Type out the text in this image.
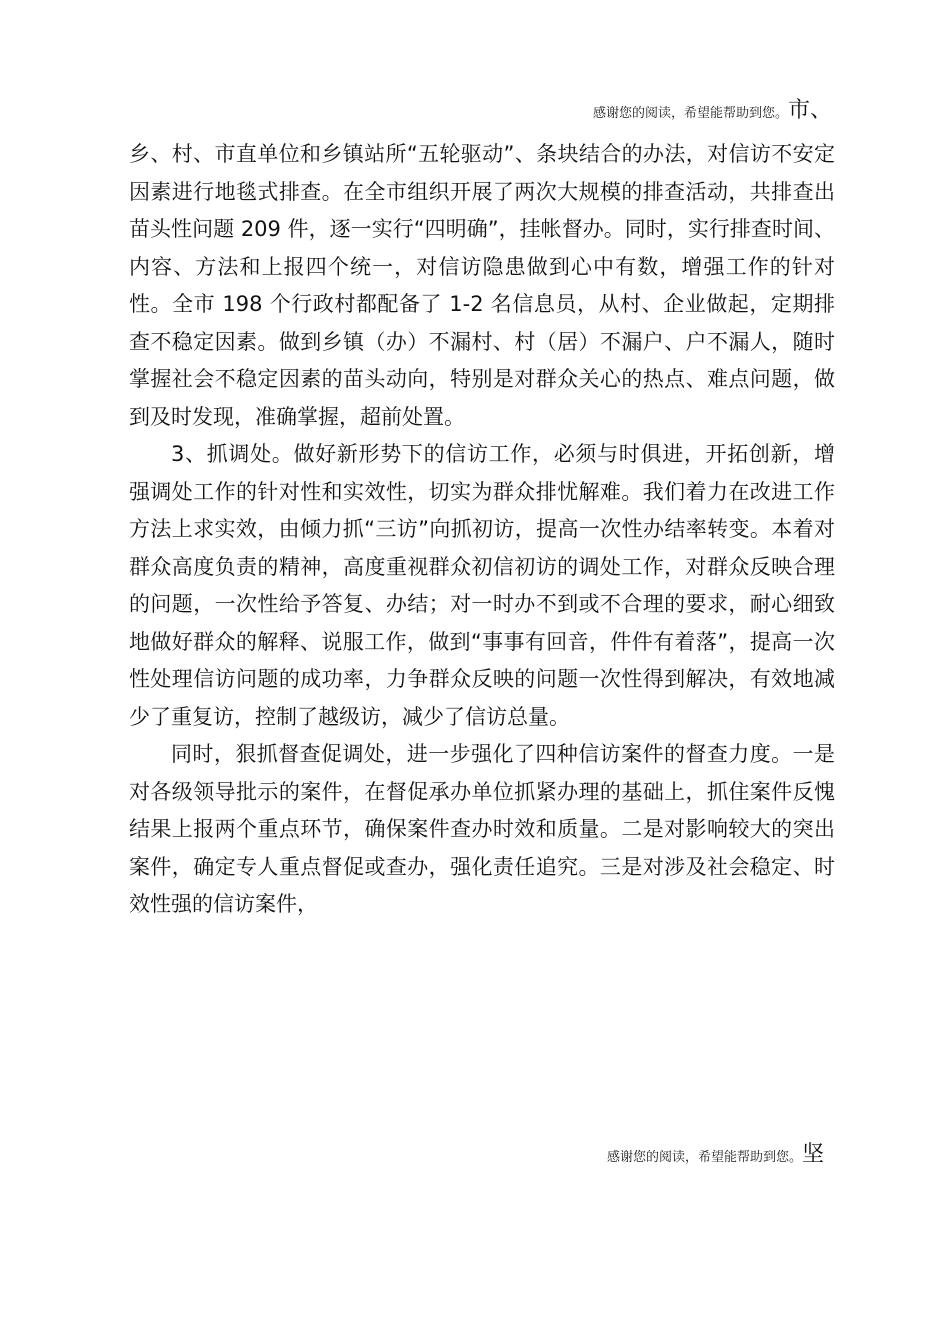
感谢您的阅读，希望能帮助到您。市、

乡、村、市直单位和乡镇站所“五轮驱动”、条块结合的办法，对信访不安定因素进行地毯式排查。在全市组织开展了两次大规模的排查活动，共排查出苗头性问题 209 件，逐一实行“四明确”，挂帐督办。同时，实行排查时间、内容、方法和上报四个统一，对信访隐患做到心中有数，增强工作的针对性。全市 198 个行政村都配备了 1-2 名信息员，从村、企业做起，定期排查不稳定因素。做到乡镇（办）不漏村、村（居）不漏户、户不漏人，随时掌握社会不稳定因素的苗头动向，特别是对群众关心的热点、难点问题，做到及时发现，准确掌握，超前处置。

3、抓调处。做好新形势下的信访工作，必须与时俱进，开拓创新，增强调处工作的针对性和实效性，切实为群众排忧解难。我们着力在改进工作方法上求实效，由倾力抓“三访”向抓初访，提高一次性办结率转变。本着对群众高度负责的精神，高度重视群众初信初访的调处工作，对群众反映合理的问题，一次性给予答复、办结；对一时办不到或不合理的要求，耐心细致地做好群众的解释、说服工作，做到“事事有回音，件件有着落”，提高一次性处理信访问题的成功率，力争群众反映的问题一次性得到解决，有效地减少了重复访，控制了越级访，减少了信访总量。

同时，狠抓督查促调处，进一步强化了四种信访案件的督查力度。一是对各级领导批示的案件，在督促承办单位抓紧办理的基础上，抓住案件反愧结果上报两个重点环节，确保案件查办时效和质量。二是对影响较大的突出案件，确定专人重点督促或查办，强化责任追究。三是对涉及社会稳定、时效性强的信访案件，

感谢您的阅读，希望能帮助到您。坚
